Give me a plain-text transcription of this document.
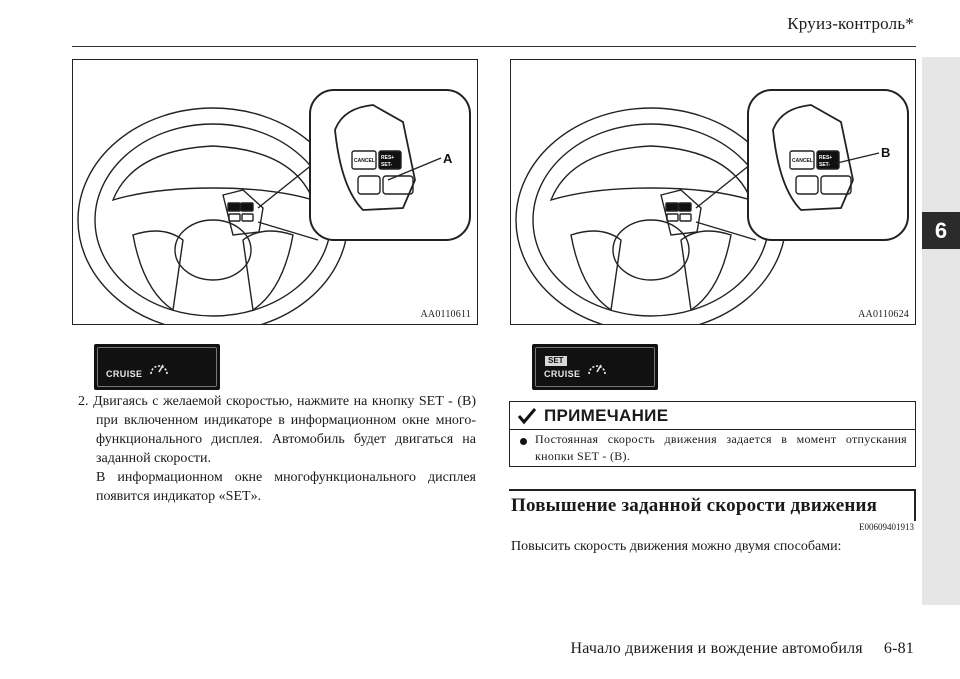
Круиз-контроль*
6
RES+
SET-
CANCEL	A
AA0110611
RES+
SET-
CANCEL
B
AA0110624
CRUISE
SET
CRUISE
2. Двигаясь с желаемой скоростью, нажмите на кнопку SET - (B) при включенном индикаторе в информационном окне много-функционального дисплея. Автомобиль будет двигаться на заданной скорости.
В информационном окне многофункционального дисплея появится индикатор «SET».
ПРИМЕЧАНИЕ
Постоянная скорость движения задается в момент отпускания кнопки SET - (B).
Повышение заданной скорости движения
E00609401913
Повысить скорость движения можно двумя способами:
Начало движения и вождение автомобиля     6-81
